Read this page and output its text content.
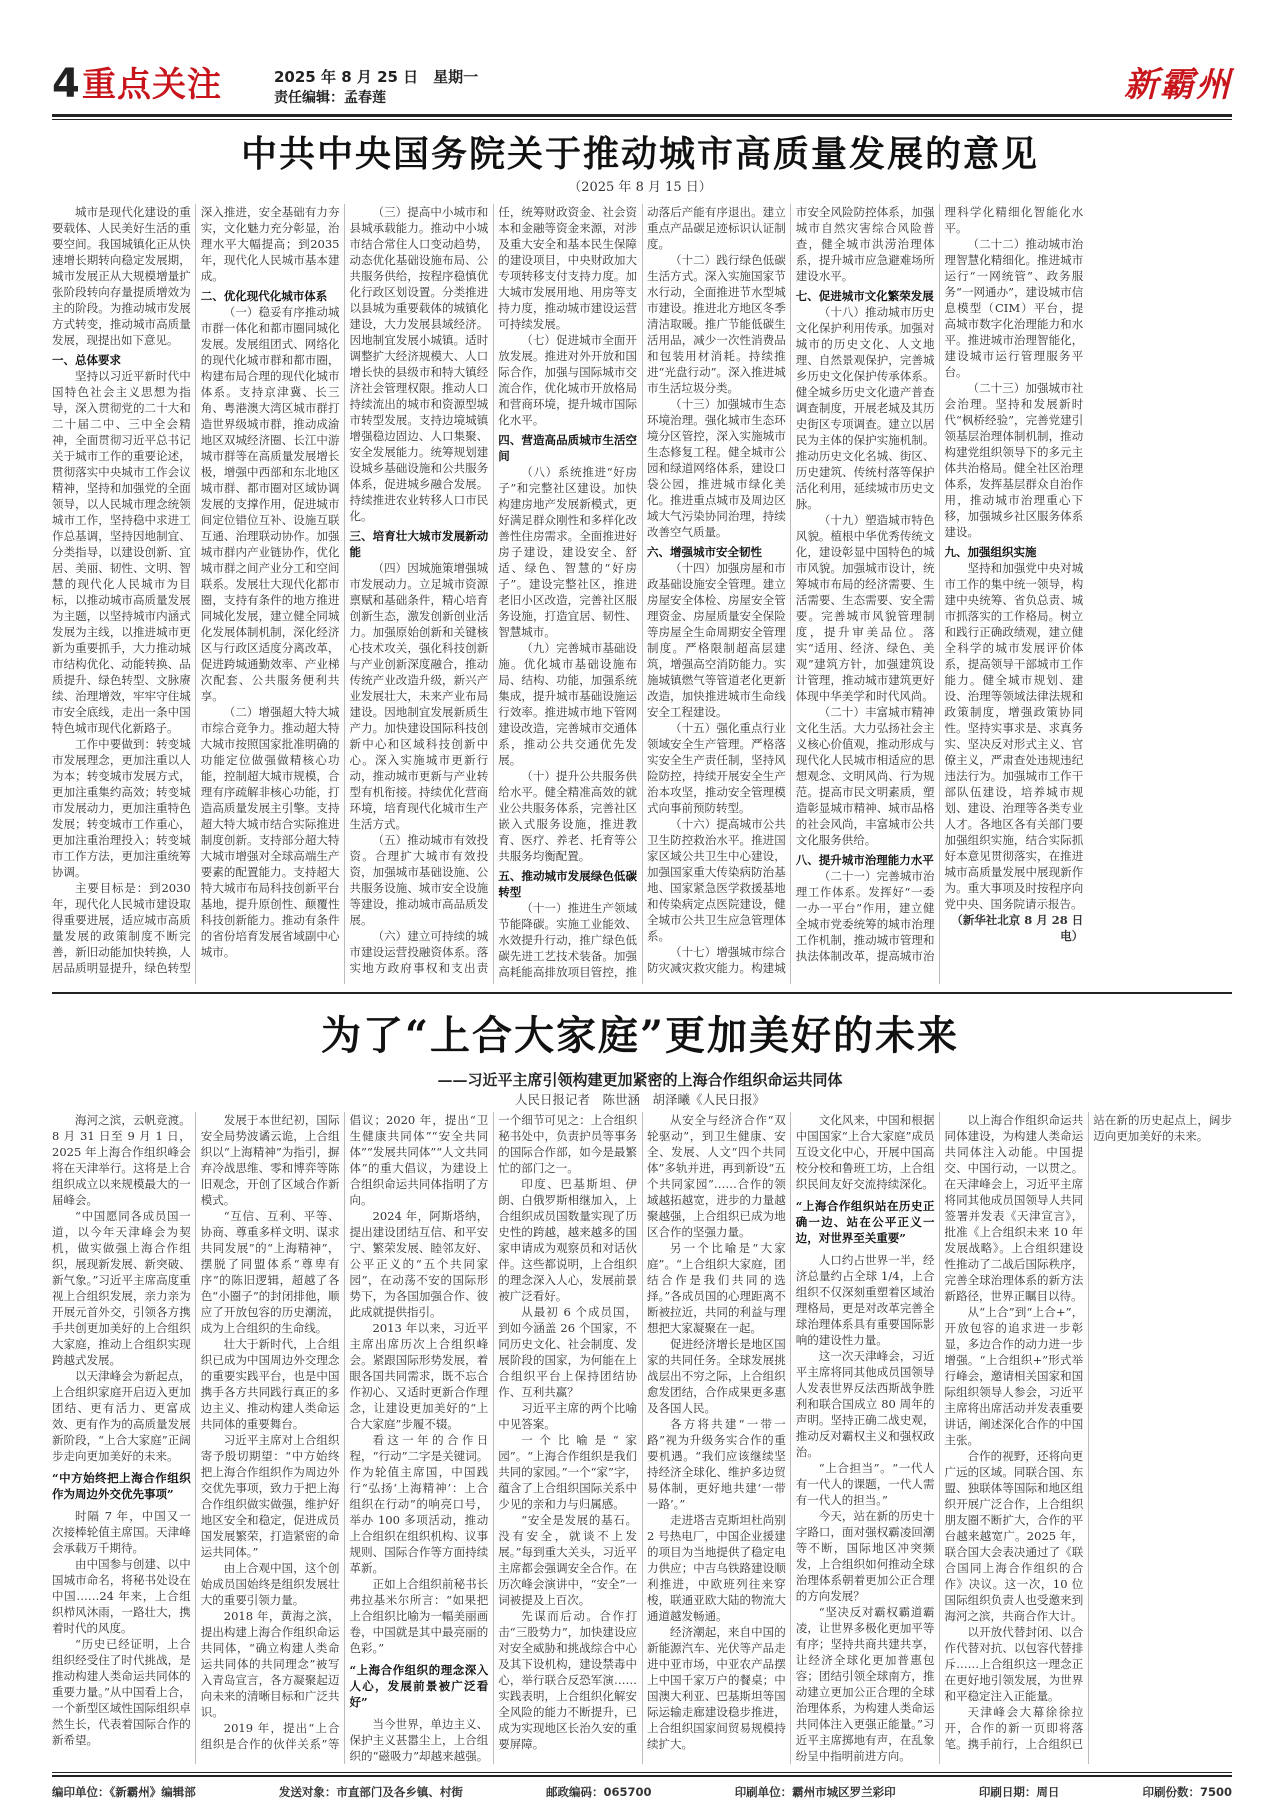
4 重点关注	2025 年 8 月 25 日　星期一
责任编辑：孟春莲	新霸州
中共中央国务院关于推动城市高质量发展的意见
（2025 年 8 月 15 日）

城市是现代化建设的重要载体、人民美好生活的重要空间。我国城镇化正从快速增长期转向稳定发展期，城市发展正从大规模增量扩张阶段转向存量提质增效为主的阶段。为推动城市发展方式转变，推动城市高质量发展，现提出如下意见。

一、总体要求

坚持以习近平新时代中国特色社会主义思想为指导，深入贯彻党的二十大和二十届二中、三中全会精神，全面贯彻习近平总书记关于城市工作的重要论述，贯彻落实中央城市工作会议精神，坚持和加强党的全面领导，以人民城市理念统领城市工作，坚持稳中求进工作总基调，坚持因地制宜、分类指导，以建设创新、宜居、美丽、韧性、文明、智慧的现代化人民城市为目标，以推动城市高质量发展为主题，以坚持城市内涵式发展为主线，以推进城市更新为重要抓手，大力推动城市结构优化、动能转换、品质提升、绿色转型、文脉赓续、治理增效，牢牢守住城市安全底线，走出一条中国特色城市现代化新路子。

工作中要做到：转变城市发展理念，更加注重以人为本；转变城市发展方式，更加注重集约高效；转变城市发展动力，更加注重特色发展；转变城市工作重心，更加注重治理投入；转变城市工作方法，更加注重统筹协调。

主要目标是：到2030年，现代化人民城市建设取得重要进展，适应城市高质量发展的政策制度不断完善，新旧动能加快转换，人居品质明显提升，绿色转型深入推进，安全基础有力夯实，文化魅力充分彰显，治理水平大幅提高；到2035年，现代化人民城市基本建成。

二、优化现代化城市体系

（一）稳妥有序推动城市群一体化和都市圈同城化发展。发展组团式、网络化的现代化城市群和都市圈，构建布局合理的现代化城市体系。支持京津冀、长三角、粤港澳大湾区城市群打造世界级城市群，推动成渝地区双城经济圈、长江中游城市群等在高质量发展增长极，增强中西部和东北地区城市群、都市圈对区域协调发展的支撑作用，促进城市间定位错位互补、设施互联互通、治理联动协作。加强城市群内产业链协作，优化城市群之间产业分工和空间联系。发展壮大现代化都市圈，支持有条件的地方推进同城化发展，建立健全同城化发展体制机制，深化经济区与行政区适度分离改革，促进跨城通勤效率、产业梯次配套、公共服务便利共享。

（二）增强超大特大城市综合竞争力。推动超大特大城市按照国家批准明确的功能定位做强做精核心功能，控制超大城市规模，合理有序疏解非核心功能，打造高质量发展主引擎。支持超大特大城市结合实际推进制度创新。支持部分超大特大城市增强对全球高端生产要素的配置能力。支持超大特大城市布局科技创新平台基地，提升原创性、颠覆性科技创新能力。推动有条件的省份培育发展省域副中心城市。

（三）提高中小城市和县城承载能力。推动中小城市结合常住人口变动趋势，动态优化基础设施布局、公共服务供给，按程序稳慎优化行政区划设置。分类推进以县城为重要载体的城镇化建设，大力发展县域经济。因地制宜发展小城镇。适时调整扩大经济规模大、人口增长快的县级市和特大镇经济社会管理权限。推动人口持续流出的城市和资源型城市转型发展。支持边境城镇增强稳边固边、人口集聚、安全发展能力。统筹规划建设城乡基础设施和公共服务体系，促进城乡融合发展。持续推进农业转移人口市民化。

三、培育壮大城市发展新动能

（四）因城施策增强城市发展动力。立足城市资源禀赋和基础条件，精心培育创新生态，激发创新创业活力。加强原始创新和关键核心技术攻关，强化科技创新与产业创新深度融合，推动传统产业改造升级，新兴产业发展壮大，未来产业布局建设。因地制宜发展新质生产力。加快建设国际科技创新中心和区域科技创新中心。深入实施城市更新行动，推动城市更新与产业转型有机衔接。持续优化营商环境，培育现代化城市生产生活方式。

（五）推动城市有效投资。合理扩大城市有效投资，加强城市基础设施、公共服务设施、城市安全设施等建设，推动城市高品质发展。

（六）建立可持续的城市建设运营投融资体系。落实地方政府事权和支出责任，统筹财政资金、社会资本和金融等资金来源，对涉及重大安全和基本民生保障的建设项目，中央财政加大专项转移支付支持力度。加大城市发展用地、用房等支持力度，推动城市建设运营可持续发展。

（七）促进城市全面开放发展。推进对外开放和国际合作，加强与国际城市交流合作，优化城市开放格局和营商环境，提升城市国际化水平。

四、营造高品质城市生活空间

（八）系统推进“好房子”和完整社区建设。加快构建房地产发展新模式，更好满足群众刚性和多样化改善性住房需求。全面推进好房子建设，建设安全、舒适、绿色、智慧的“好房子”。建设完整社区，推进老旧小区改造，完善社区服务设施，打造宜居、韧性、智慧城市。

（九）完善城市基础设施。优化城市基础设施布局、结构、功能，加强系统集成，提升城市基础设施运行效率。推进城市地下管网建设改造，完善城市交通体系，推动公共交通优先发展。

（十）提升公共服务供给水平。健全精准高效的就业公共服务体系，完善社区嵌入式服务设施，推进教育、医疗、养老、托育等公共服务均衡配置。

五、推动城市发展绿色低碳转型

（十一）推进生产领域节能降碳。实施工业能效、水效提升行动，推广绿色低碳先进工艺技术装备。加强高耗能高排放项目管控，推动落后产能有序退出。建立重点产品碳足迹标识认证制度。

（十二）践行绿色低碳生活方式。深入实施国家节水行动，全面推进节水型城市建设。推进北方地区冬季清洁取暖。推广节能低碳生活用品，减少一次性消费品和包装用材消耗。持续推进“光盘行动”。深入推进城市生活垃圾分类。

（十三）加强城市生态环境治理。强化城市生态环境分区管控，深入实施城市生态修复工程。健全城市公园和绿道网络体系，建设口袋公园，推进城市绿化美化。推进重点城市及周边区域大气污染协同治理，持续改善空气质量。

六、增强城市安全韧性

（十四）加强房屋和市政基础设施安全管理。建立房屋安全体检、房屋安全管理资金、房屋质量安全保险等房屋全生命周期安全管理制度。严格限制超高层建筑，增强高空消防能力。实施城镇燃气等管道老化更新改造，加快推进城市生命线安全工程建设。

（十五）强化重点行业领域安全生产管理。严格落实安全生产责任制，坚持风险防控，持续开展安全生产治本攻坚，推动安全管理模式向事前预防转型。

（十六）提高城市公共卫生防控救治水平。推进国家区域公共卫生中心建设，加强国家重大传染病防治基地、国家紧急医学救援基地和传染病定点医院建设，健全城市公共卫生应急管理体系。

（十七）增强城市综合防灾减灾救灾能力。构建城市安全风险防控体系，加强城市自然灾害综合风险普查，健全城市洪涝治理体系，提升城市应急避难场所建设水平。

七、促进城市文化繁荣发展

（十八）推动城市历史文化保护利用传承。加强对城市的历史文化、人文地理、自然景观保护，完善城乡历史文化保护传承体系。健全城乡历史文化遗产普查调查制度，开展老城及其历史街区专项调查。建立以居民为主体的保护实施机制。推动历史文化名城、街区、历史建筑、传统村落等保护活化利用，延续城市历史文脉。

（十九）塑造城市特色风貌。植根中华优秀传统文化，建设彰显中国特色的城市风貌。加强城市设计，统筹城市布局的经济需要、生活需要、生态需要、安全需要。完善城市风貌管理制度，提升审美品位。落实“适用、经济、绿色、美观”建筑方针，加强建筑设计管理，推动城市建筑更好体现中华美学和时代风尚。

（二十）丰富城市精神文化生活。大力弘扬社会主义核心价值观，推动形成与现代化人民城市相适应的思想观念、文明风尚、行为规范。提高市民文明素质，塑造彰显城市精神、城市品格的社会风尚，丰富城市公共文化服务供给。

八、提升城市治理能力水平

（二十一）完善城市治理工作体系。发挥好“一委一办一平台”作用，建立健全城市党委统筹的城市治理工作机制，推动城市管理和执法体制改革，提高城市治理科学化精细化智能化水平。

（二十二）推动城市治理智慧化精细化。推进城市运行“一网统管”、政务服务“一网通办”，建设城市信息模型（CIM）平台，提高城市数字化治理能力和水平。推进城市治理智能化，建设城市运行管理服务平台。

（二十三）加强城市社会治理。坚持和发展新时代“枫桥经验”，完善党建引领基层治理体制机制，推动构建党组织领导下的多元主体共治格局。健全社区治理体系，发挥基层群众自治作用，推动城市治理重心下移，加强城乡社区服务体系建设。

九、加强组织实施

坚持和加强党中央对城市工作的集中统一领导，构建中央统筹、省负总责、城市抓落实的工作格局。树立和践行正确政绩观，建立健全科学的城市发展评价体系，提高领导干部城市工作能力。健全城市规划、建设、治理等领域法律法规和政策制度，增强政策协同性。坚持实事求是、求真务实、坚决反对形式主义、官僚主义，严肃查处违规违纪违法行为。加强城市工作干部队伍建设，培养城市规划、建设、治理等各类专业人才。各地区各有关部门要加强组织实施，结合实际抓好本意见贯彻落实，在推进城市高质量发展中展现新作为。重大事项及时按程序向党中央、国务院请示报告。

（新华社北京 8 月 28 日电）

为了“上合大家庭”更加美好的未来
——习近平主席引领构建更加紧密的上海合作组织命运共同体
人民日报记者　陈世涵　胡泽曦《人民日报》

海河之滨，云帆竞渡。8 月 31 日至 9 月 1 日，2025 年上海合作组织峰会将在天津举行。这将是上合组织成立以来规模最大的一届峰会。

“中国愿同各成员国一道，以今年天津峰会为契机，做实做强上海合作组织，展现新发展、新突破、新气象。”习近平主席高度重视上合组织发展，亲力亲为开展元首外交，引领各方携手共创更加美好的上合组织大家庭，推动上合组织实现跨越式发展。

以天津峰会为新起点，上合组织家庭开启迈入更加团结、更有活力、更富成效、更有作为的高质量发展新阶段，“上合大家庭”正阔步走向更加美好的未来。

“中方始终把上海合作组织作为周边外交优先事项”

时隔 7 年，中国又一次接棒轮值主席国。天津峰会承载万千期待。

由中国参与创建、以中国城市命名，将秘书处设在中国……24 年来，上合组织栉风沐雨，一路壮大，携着时代的风度。

“历史已经证明，上合组织经受住了时代挑战，是推动构建人类命运共同体的重要力量。”从中国看上合，一个新型区域性国际组织卓然生长，代表着国际合作的新希望。

发展于本世纪初，国际安全局势波谲云诡，上合组织以“上海精神”为指引，摒弃冷战思维、零和博弈等陈旧观念，开创了区域合作新模式。

“互信、互利、平等、协商、尊重多样文明、谋求共同发展”的“上海精神”，摆脱了同盟体系“尊卑有序”的陈旧逻辑，超越了各色“小圈子”的封闭排他，顺应了开放包容的历史潮流，成为上合组织的生命线。

壮大于新时代，上合组织已成为中国周边外交理念的重要实践平台，也是中国携手各方共同践行真正的多边主义、推动构建人类命运共同体的重要舞台。

习近平主席对上合组织寄予殷切期望：“中方始终把上海合作组织作为周边外交优先事项，致力于把上海合作组织做实做强，维护好地区安全和稳定，促进成员国发展繁荣，打造紧密的命运共同体。”

由上合观中国，这个创始成员国始终是组织发展壮大的重要引领力量。

2018 年，黄海之滨，提出构建上海合作组织命运共同体，“确立构建人类命运共同体的共同理念”被写入青岛宣言，各方凝聚起迈向未来的清晰目标和广泛共识。

2019 年，提出“上合组织是合作的伙伴关系”等倡议；2020 年，提出“卫生健康共同体”“安全共同体”“发展共同体”“人文共同体”的重大倡议，为建设上合组织命运共同体指明了方向。

2024 年，阿斯塔纳，提出建设团结互信、和平安宁、繁荣发展、睦邻友好、公平正义的“五个共同家园”，在动荡不安的国际形势下，为各国加强合作、彼此成就提供指引。

2013 年以来，习近平主席出席历次上合组织峰会。紧跟国际形势发展，着眼各国共同需求，既不忘合作初心、又适时更新合作理念，让建设更加美好的“上合大家庭”步履不辍。

看这一年的合作日程，“行动”二字是关键词。作为轮值主席国，中国践行“弘扬‘上海精神’：上合组织在行动”的响亮口号，举办 100 多项活动，推动上合组织在组织机构、议事规则、国际合作等方面持续革新。

正如上合组织前秘书长弗拉基米尔所言：“如果把上合组织比喻为一幅美丽画卷，中国就是其中最亮丽的色彩。”

“上海合作组织的理念深入人心，发展前景被广泛看好”

当今世界，单边主义、保护主义甚嚣尘上，上合组织的“磁吸力”却越来越强。一个细节可见之：上合组织秘书处中，负责护员等事务的国际合作部，如今是最繁忙的部门之一。

印度、巴基斯坦、伊朗、白俄罗斯相继加入，上合组织成员国数量实现了历史性的跨越，越来越多的国家申请成为观察员和对话伙伴。这些都说明，上合组织的理念深入人心，发展前景被广泛看好。

从最初 6 个成员国，到如今涵盖 26 个国家，不同历史文化、社会制度、发展阶段的国家，为何能在上合组织平台上保持团结协作、互利共赢？

习近平主席的两个比喻中见答案。

一个比喻是“家园”。“上海合作组织是我们共同的家园。”一个“家”字，蕴含了上合组织国际关系中少见的亲和力与归属感。

“安全是发展的基石。没有安全，就谈不上发展。”每到重大关头，习近平主席都会强调安全合作。在历次峰会演讲中，“安全”一词被提及上百次。

先谋而后动。合作打击“三股势力”，加快建设应对安全威胁和挑战综合中心及其下设机构，建设禁毒中心，举行联合反恐军演……实践表明，上合组织化解安全风险的能力不断提升，已成为实现地区长治久安的重要屏障。

从安全与经济合作“双轮驱动”，到卫生健康、安全、发展、人文“四个共同体”多轨并进，再到新设“五个共同家园”……合作的领域越拓越宽，进步的力量越聚越强，上合组织已成为地区合作的坚强力量。

另一个比喻是“大家庭”。“上合组织大家庭，团结合作是我们共同的选择。”各成员国的心理距离不断被拉近，共同的利益与理想把大家凝聚在一起。

促进经济增长是地区国家的共同任务。全球发展挑战层出不穷之际，上合组织愈发团结，合作成果更多惠及各国人民。

各方将共建“一带一路”视为升级务实合作的重要机遇。“我们应该继续坚持经济全球化、维护多边贸易体制，更好地共建‘一带一路’。”

走进塔吉克斯坦杜尚别 2 号热电厂，中国企业援建的项目为当地提供了稳定电力供应；中吉乌铁路建设顺利推进，中欧班列往来穿梭，联通亚欧大陆的物流大通道越发畅通。

经济潮起，来自中国的新能源汽车、光伏等产品走进中亚市场，中亚农产品摆上中国千家万户的餐桌；中国澳大利亚、巴基斯坦等国际运输走廊建设稳步推进，上合组织国家间贸易规模持续扩大。

文化风来，中国和根据中国国家“上合大家庭”成员互设文化中心，开展中国高校分校和鲁班工坊，上合组织民间友好交流持续深化。

“上海合作组织站在历史正确一边、站在公平正义一边，对世界至关重要”

人口约占世界一半，经济总量约占全球 1/4，上合组织不仅深刻重塑着区域治理格局，更是对改革完善全球治理体系具有重要国际影响的建设性力量。

这一次天津峰会，习近平主席将同其他成员国领导人发表世界反法西斯战争胜利和联合国成立 80 周年的声明。坚持正确二战史观，推动反对霸权主义和强权政治。

“上合担当”。“一代人有一代人的课题，一代人需有一代人的担当。”

今天，站在新的历史十字路口，面对强权霸凌回潮等不断，国际地区冲突频发，上合组织如何推动全球治理体系朝着更加公正合理的方向发展？

“坚决反对霸权霸道霸凌，让世界多极化更加平等有序；坚持共商共建共享，让经济全球化更加普惠包容；团结引领全球南方，推动建立更加公正合理的全球治理体系，为构建人类命运共同体注入更强正能量。”习近平主席掷地有声，在乱象纷呈中指明前进方向。

以上海合作组织命运共同体建设，为构建人类命运共同体注入动能。中国提交、中国行动，一以贯之。在天津峰会上，习近平主席将同其他成员国领导人共同签署并发表《天津宣言》，批准《上合组织未来 10 年发展战略》。上合组织建设性推动了二战后国际秩序，完善全球治理体系的新方法新路径，世界正瞩目以待。

从“上合”到“上合+”，开放包容的追求进一步彰显，多边合作的动力进一步增强。“上合组织+”形式举行峰会，邀请相关国家和国际组织领导人参会，习近平主席将出席活动并发表重要讲话，阐述深化合作的中国主张。

合作的视野，还将向更广远的区域。同联合国、东盟、独联体等国际和地区组织开展广泛合作，上合组织朋友圈不断扩大，合作的平台越来越宽广。2025 年，联合国大会表决通过了《联合国同上海合作组织的合作》决议。这一次，10 位国际组织负责人也受邀来到海河之滨，共商合作大计。

以开放代替封闭、以合作代替对抗、以包容代替排斥……上合组织这一理念正在更好地引领发展，为世界和平稳定注入正能量。

天津峰会大幕徐徐拉开，合作的新一页即将落笔。携手前行，上合组织已站在新的历史起点上，阔步迈向更加美好的未来。

编印单位：《新霸州》编辑部	发送对象：市直部门及各乡镇、村街	邮政编码：065700	印刷单位：霸州市城区罗兰彩印	印刷日期：周日	印刷份数：7500
